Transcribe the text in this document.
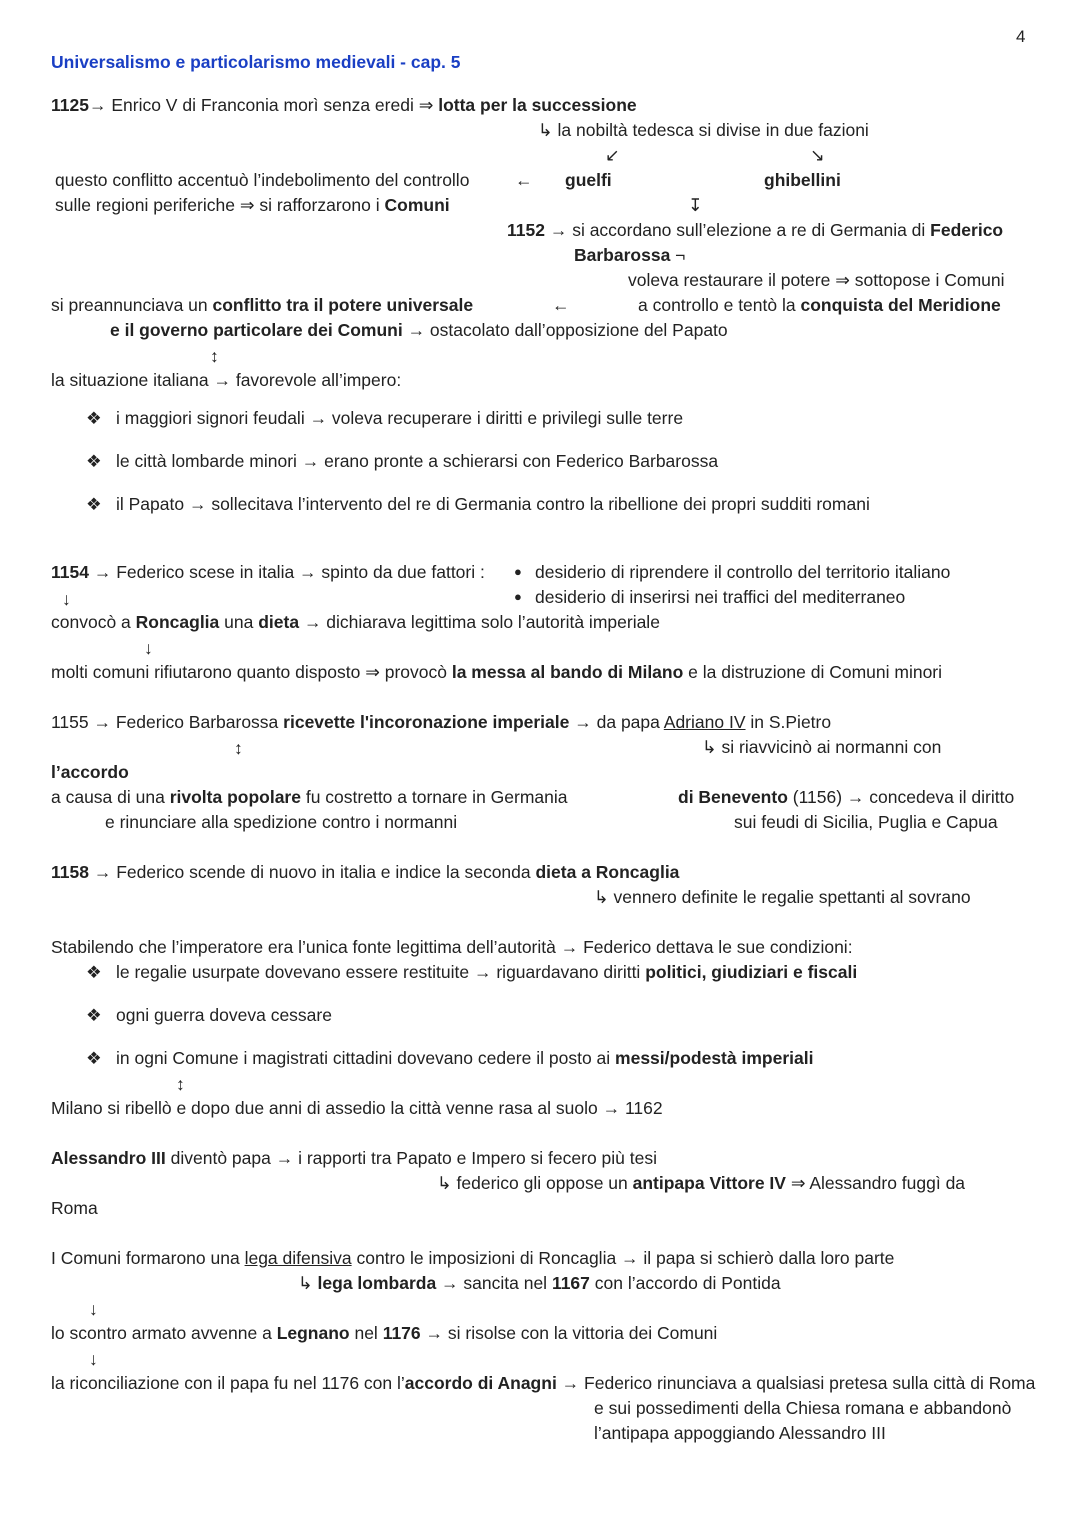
4
Universalismo e particolarismo medievali - cap. 5
1125→ Enrico V di Franconia morì senza eredi ⇒ lotta per la successione
↳ la nobiltà tedesca si divise in due fazioni
↙	↘
questo conflitto accentuò l’indebolimento del controllo
sulle regioni periferiche ⇒ si rafforzarono i Comuni
← guelfi	ghibellini
↧
1152 → si accordano sull’elezione a re di Germania di Federico
Barbarossa ¬
voleva restaurare il potere ⇒ sottopose i Comuni
a controllo e tentò la conquista del Meridione
si preannunciava un conflitto tra il potere universale	←
e il governo particolare dei Comuni → ostacolato dall’opposizione del Papato
↕
la situazione italiana → favorevole all’impero:
❖ i maggiori signori feudali → voleva recuperare i diritti e privilegi sulle terre
❖ le città lombarde minori → erano pronte a schierarsi con Federico Barbarossa
❖ il Papato → sollecitava l’intervento del re di Germania contro la ribellione dei propri sudditi romani
1154 → Federico scese in italia → spinto da due fattori : ● desiderio di riprendere il controllo del territorio italiano
● desiderio di inserirsi nei traffici del mediterraneo
↓
convocò a Roncaglia una dieta → dichiarava legittima solo l’autorità imperiale
↓
molti comuni rifiutarono quanto disposto ⇒ provocò la messa al bando di Milano e la distruzione di Comuni minori
1155 → Federico Barbarossa ricevette l'incoronazione imperiale → da papa Adriano IV in S.Pietro
↕	↳ si riavvicinò ai normanni con
l’accordo
a causa di una rivolta popolare fu costretto a tornare in Germania
e rinunciare alla spedizione contro i normanni
di Benevento (1156) → concedeva il diritto
sui feudi di Sicilia, Puglia e Capua
1158 → Federico scende di nuovo in italia e indice la seconda dieta a Roncaglia
↳ vennero definite le regalie spettanti al sovrano
Stabilendo che l’imperatore era l’unica fonte legittima dell’autorità → Federico dettava le sue condizioni:
❖ le regalie usurpate dovevano essere restituite → riguardavano diritti politici, giudiziari e fiscali
❖ ogni guerra doveva cessare
❖ in ogni Comune i magistrati cittadini dovevano cedere il posto ai messi/podestà imperiali
↕
Milano si ribellò e dopo due anni di assedio la città venne rasa al suolo → 1162
Alessandro III diventò papa → i rapporti tra Papato e Impero si fecero più tesi
↳ federico gli oppose un antipapa Vittore IV ⇒ Alessandro fuggì da
Roma
I Comuni formarono una lega difensiva contro le imposizioni di Roncaglia → il papa si schierò dalla loro parte
↳ lega lombarda → sancita nel 1167 con l’accordo di Pontida
↓
lo scontro armato avvenne a Legnano nel 1176 → si risolse con la vittoria dei Comuni
↓
la riconciliazione con il papa fu nel 1176 con l’accordo di Anagni → Federico rinunciava a qualsiasi pretesa sulla città di Roma
e sui possedimenti della Chiesa romana e abbandonò
l’antipapa appoggiando Alessandro III
